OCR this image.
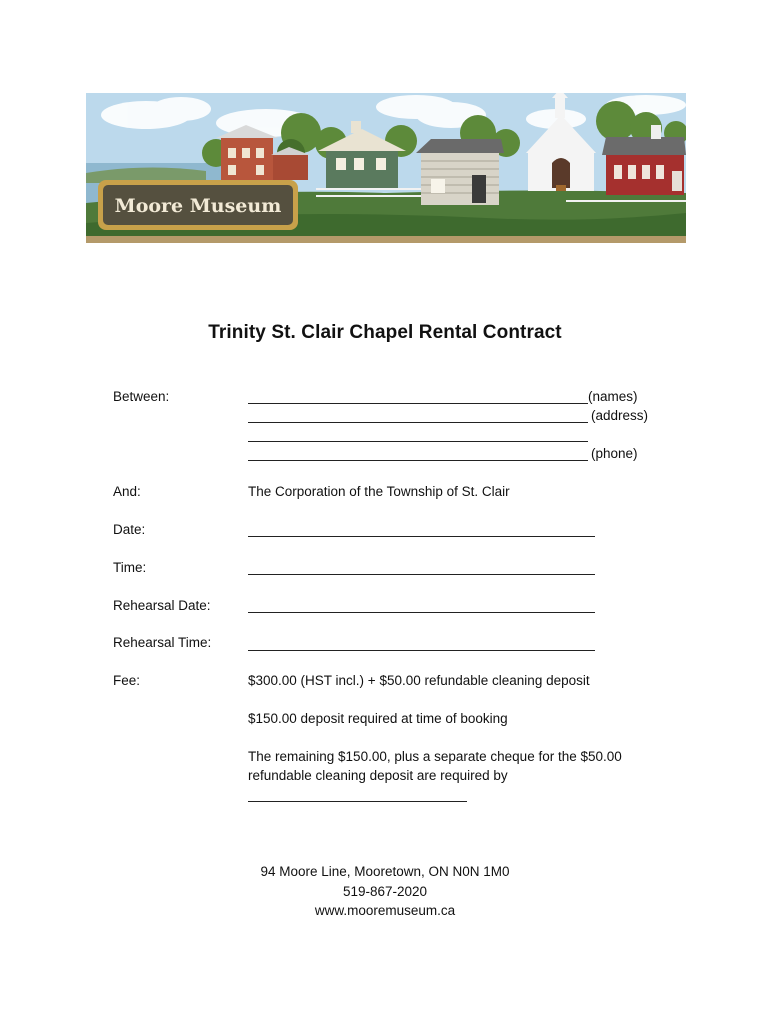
Moore Museum
Trinity St. Clair Chapel Rental Contract
Between:	(names)
(address)
(phone)
And:	The Corporation of the Township of St. Clair
Date:
Time:
Rehearsal Date:
Rehearsal Time:
Fee:	$300.00 (HST incl.) + $50.00 refundable cleaning deposit
$150.00 deposit required at time of booking
The remaining $150.00, plus a separate cheque for the $50.00
refundable cleaning deposit are required by
94 Moore Line, Mooretown, ON N0N 1M0
519-867-2020
www.mooremuseum.ca
